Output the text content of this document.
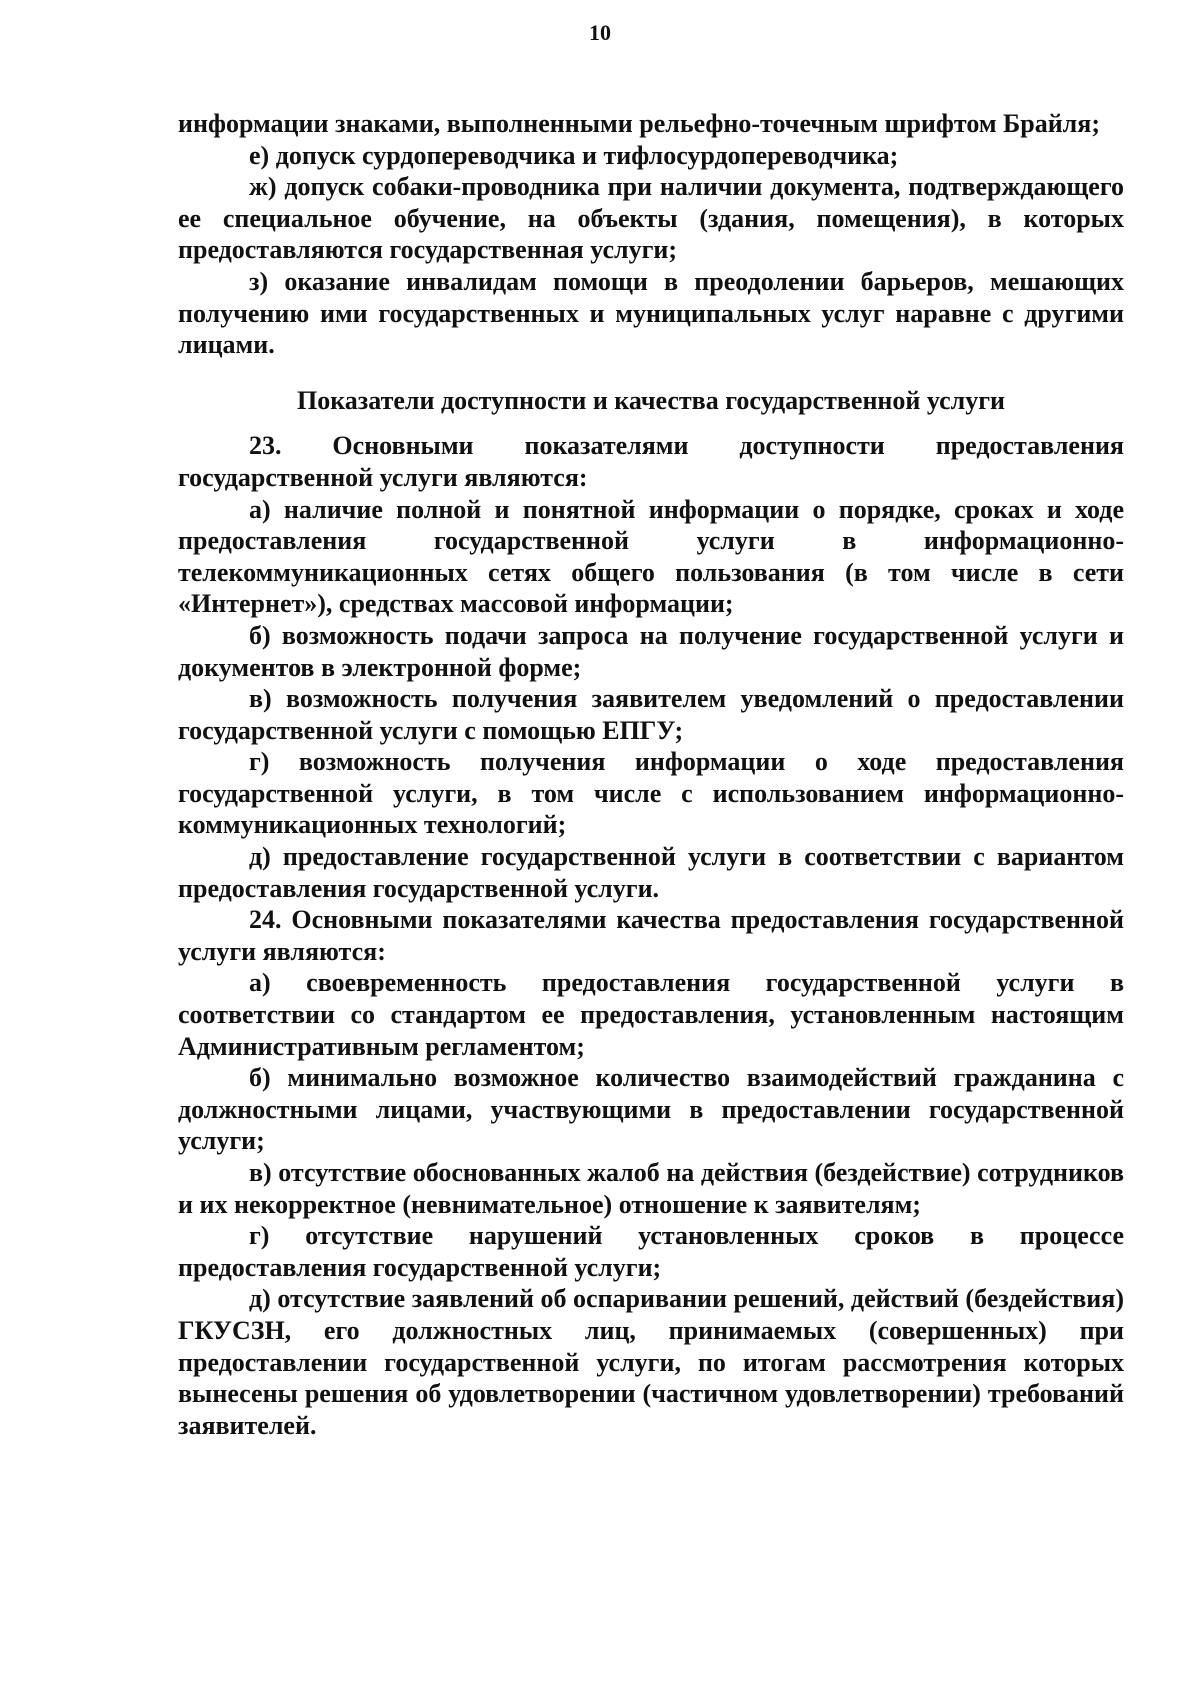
10

информации знаками, выполненными рельефно-точечным шрифтом Брайля;

е) допуск сурдопереводчика и тифлосурдопереводчика;

ж) допуск собаки-проводника при наличии документа, подтверждающего ее специальное обучение, на объекты (здания, помещения), в которых предоставляются государственная услуги;

з) оказание инвалидам помощи в преодолении барьеров, мешающих получению ими государственных и муниципальных услуг наравне с другими лицами.

Показатели доступности и качества государственной услуги

23. Основными показателями доступности предоставления государственной услуги являются:

а) наличие полной и понятной информации о порядке, сроках и ходе предоставления государственной услуги в информационно-телекоммуникационных сетях общего пользования (в том числе в сети «Интернет»), средствах массовой информации;

б) возможность подачи запроса на получение государственной услуги и документов в электронной форме;

в) возможность получения заявителем уведомлений о предоставлении государственной услуги с помощью ЕПГУ;

г) возможность получения информации о ходе предоставления государственной услуги, в том числе с использованием информационно-коммуникационных технологий;

д) предоставление государственной услуги в соответствии с вариантом предоставления государственной услуги.

24. Основными показателями качества предоставления государственной услуги являются:

а) своевременность предоставления государственной услуги в соответствии со стандартом ее предоставления, установленным настоящим Административным регламентом;

б) минимально возможное количество взаимодействий гражданина с должностными лицами, участвующими в предоставлении государственной услуги;

в) отсутствие обоснованных жалоб на действия (бездействие) сотрудников и их некорректное (невнимательное) отношение к заявителям;

г) отсутствие нарушений установленных сроков в процессе предоставления государственной услуги;

д) отсутствие заявлений об оспаривании решений, действий (бездействия) ГКУСЗН, его должностных лиц, принимаемых (совершенных) при предоставлении государственной услуги, по итогам рассмотрения которых вынесены решения об удовлетворении (частичном удовлетворении) требований заявителей.
